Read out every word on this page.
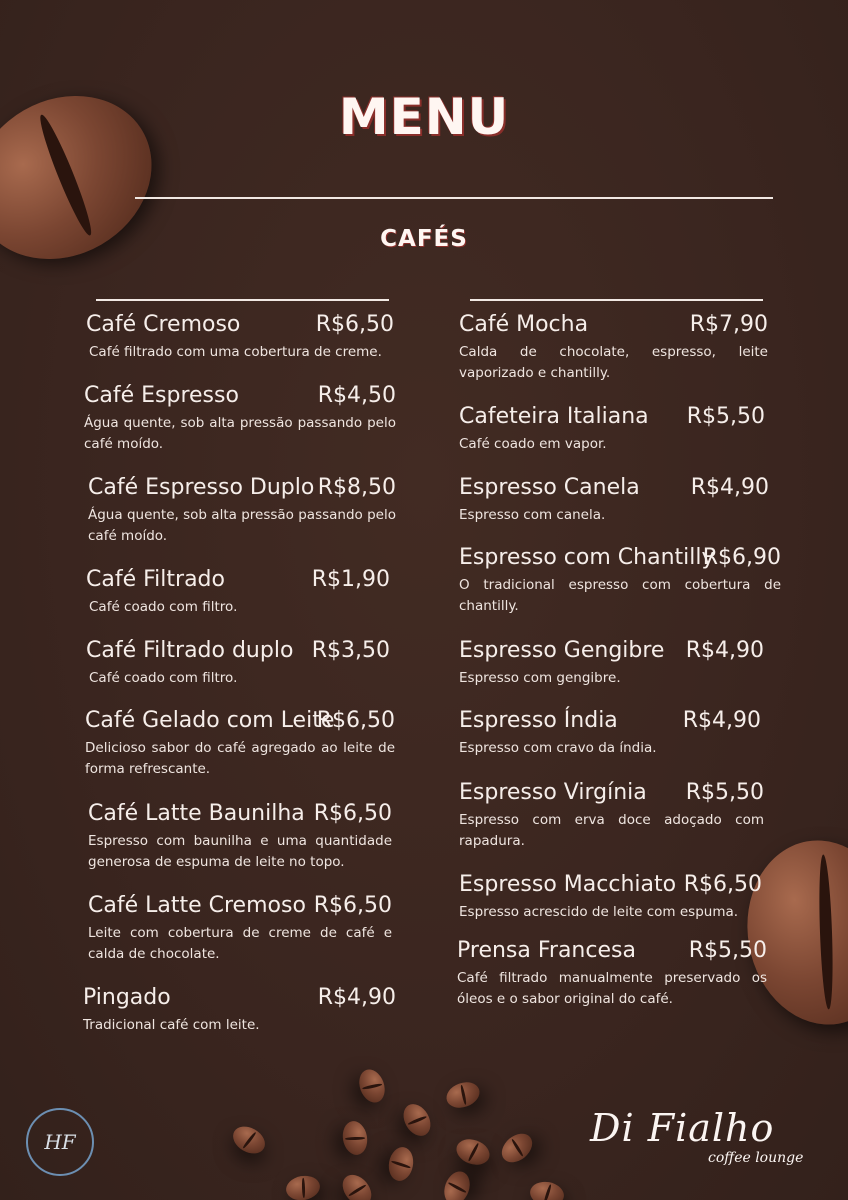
MENU
CAFÉS
Café Cremoso	R$6,50
Café filtrado com uma cobertura de creme.
Café Espresso	R$4,50
Água quente, sob alta pressão passando pelo café moído.
Café Espresso Duplo R$8,50
Água quente, sob alta pressão passando pelo café moído.
Café Filtrado	R$1,90
Café coado com filtro.
Café Filtrado duplo R$3,50
Café coado com filtro.
Café Gelado com Leite
R$6,50
Delicioso sabor do café agregado ao leite de forma refrescante.
Café Latte Baunilha R$6,50
Espresso com baunilha e uma quantidade generosa de espuma de leite no topo.
Café Latte Cremoso R$6,50
Leite com cobertura de creme de café e calda de chocolate.
Pingado	R$4,90
Tradicional café com leite.
Café Mocha	R$7,90
Calda de chocolate, espresso, leite vaporizado e chantilly.
Cafeteira Italiana R$5,50
Café coado em vapor.
Espresso Canela R$4,90
Espresso com canela.
Espresso com Chantilly
R$6,90
O tradicional espresso com cobertura de chantilly.
Espresso Gengibre R$4,90
Espresso com gengibre.
Espresso Índia	R$4,90
Espresso com cravo da índia.
Espresso Virgínia R$5,50
Espresso com erva doce adoçado com rapadura.
Espresso Macchiato R$6,50
Espresso acrescido de leite com espuma.
Prensa Francesa R$5,50
Café filtrado manualmente preservado os óleos e o sabor original do café.
HF	Di Fialho
coffee lounge
